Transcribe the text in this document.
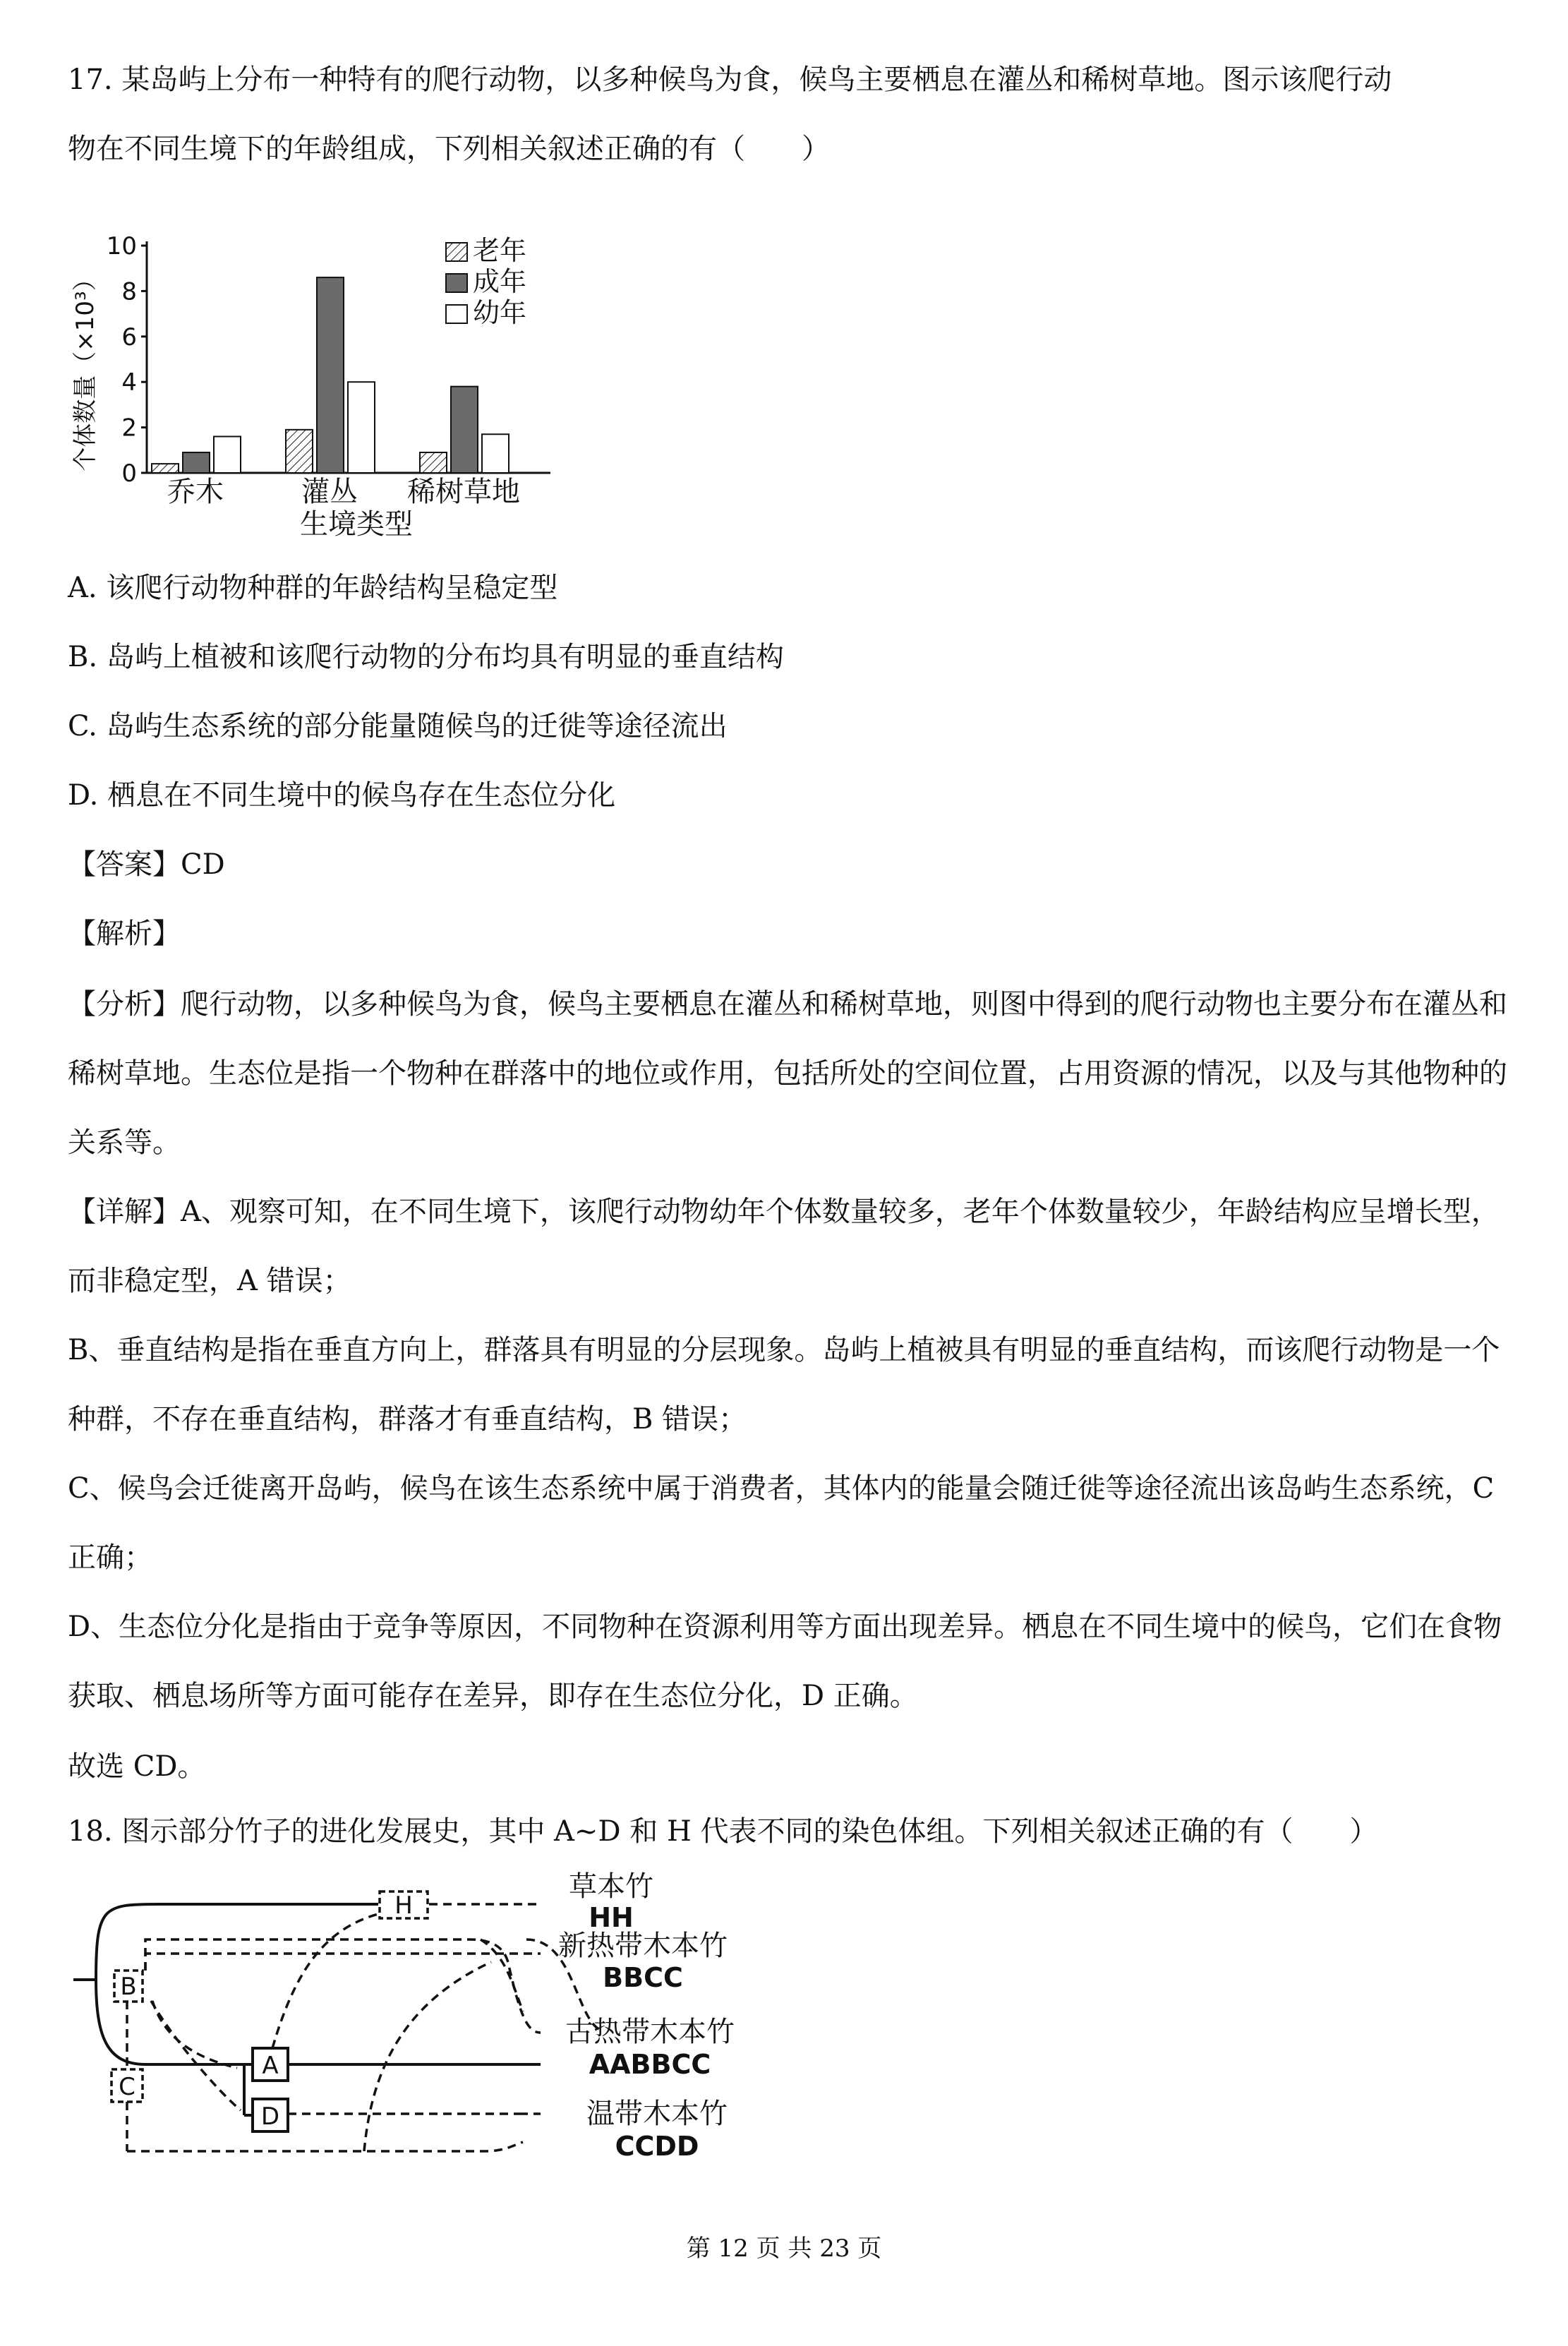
17. 某岛屿上分布一种特有的爬行动物，以多种候鸟为食，候鸟主要栖息在灌丛和稀树草地。图示该爬行动
物在不同生境下的年龄组成，下列相关叙述正确的有（　　）
个体数量（×10³）
0
2
4
6
8
10
乔木	灌丛 稀树草地
生境类型
老年
成年
幼年
A. 该爬行动物种群的年龄结构呈稳定型
B. 岛屿上植被和该爬行动物的分布均具有明显的垂直结构
C. 岛屿生态系统的部分能量随候鸟的迁徙等途径流出
D. 栖息在不同生境中的候鸟存在生态位分化
【答案】CD
【解析】
【分析】爬行动物，以多种候鸟为食，候鸟主要栖息在灌丛和稀树草地，则图中得到的爬行动物也主要分布在灌丛和稀树草地。生态位是指一个物种在群落中的地位或作用，包括所处的空间位置，占用资源的情况，以及与其他物种的关系等。
【详解】A、观察可知，在不同生境下，该爬行动物幼年个体数量较多，老年个体数量较少，年龄结构应呈增长型，而非稳定型，A 错误；
B、垂直结构是指在垂直方向上，群落具有明显的分层现象。岛屿上植被具有明显的垂直结构，而该爬行动物是一个种群，不存在垂直结构，群落才有垂直结构，B 错误；
C、候鸟会迁徙离开岛屿，候鸟在该生态系统中属于消费者，其体内的能量会随迁徙等途径流出该岛屿生态系统，C 正确；
D、生态位分化是指由于竞争等原因，不同物种在资源利用等方面出现差异。栖息在不同生境中的候鸟，它们在食物获取、栖息场所等方面可能存在差异，即存在生态位分化，D 正确。
故选 CD。
18. 图示部分竹子的进化发展史，其中 A~D 和 H 代表不同的染色体组。下列相关叙述正确的有（　　）
H
B
A
C
D
草本竹
HH
新热带木本竹
BBCC
古热带木本竹
AABBCC
温带木本竹
CCDD
第 12 页 共 23 页
